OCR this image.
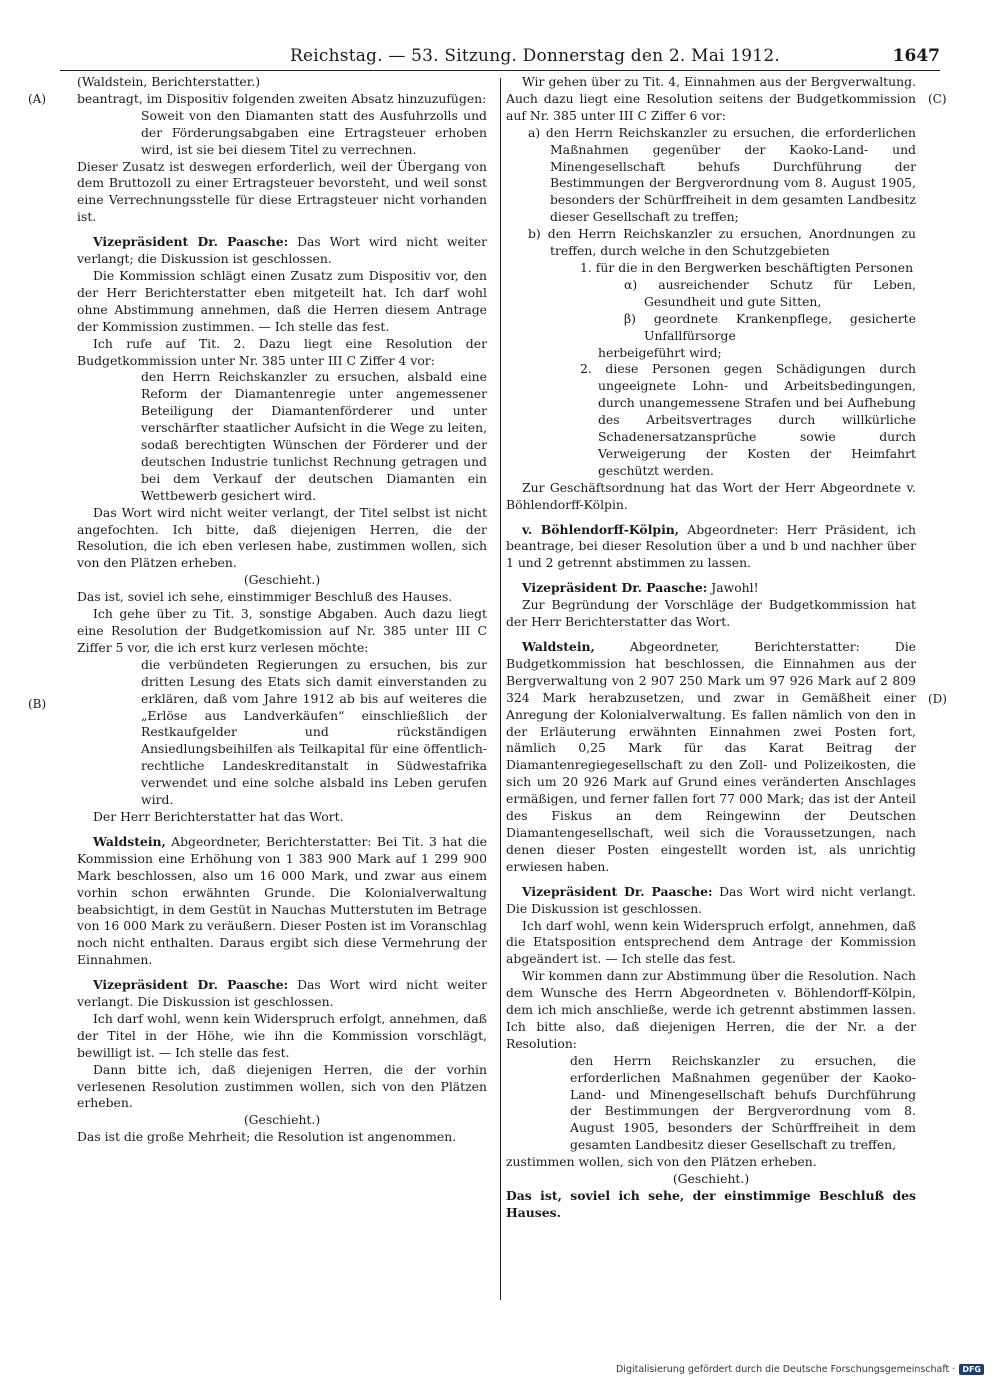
Reichstag. — 53. Sitzung. Donnerstag den 2. Mai 1912.	1647
(A)
(B)
(C)
(D)

(Waldstein, Berichterstatter.)

beantragt, im Dispositiv folgenden zweiten Absatz hinzuzufügen:

Soweit von den Diamanten statt des Ausfuhrzolls und der Förderungsabgaben eine Ertragsteuer erhoben wird, ist sie bei diesem Titel zu verrechnen.

Dieser Zusatz ist deswegen erforderlich, weil der Übergang von dem Bruttozoll zu einer Ertragsteuer bevorsteht, und weil sonst eine Verrechnungsstelle für diese Ertragsteuer nicht vorhanden ist.

Vizepräsident Dr. Paasche: Das Wort wird nicht weiter verlangt; die Diskussion ist geschlossen.

Die Kommission schlägt einen Zusatz zum Dispositiv vor, den der Herr Berichterstatter eben mitgeteilt hat. Ich darf wohl ohne Abstimmung annehmen, daß die Herren diesem Antrage der Kommission zustimmen. — Ich stelle das fest.

Ich rufe auf Tit. 2. Dazu liegt eine Resolution der Budgetkommission unter Nr. 385 unter III C Ziffer 4 vor:

den Herrn Reichskanzler zu ersuchen, alsbald eine Reform der Diamantenregie unter angemessener Beteiligung der Diamantenförderer und unter verschärfter staatlicher Aufsicht in die Wege zu leiten, sodaß berechtigten Wünschen der Förderer und der deutschen Industrie tunlichst Rechnung getragen und bei dem Verkauf der deutschen Diamanten ein Wettbewerb gesichert wird.

Das Wort wird nicht weiter verlangt, der Titel selbst ist nicht angefochten. Ich bitte, daß diejenigen Herren, die der Resolution, die ich eben verlesen habe, zustimmen wollen, sich von den Plätzen erheben.

(Geschieht.)

Das ist, soviel ich sehe, einstimmiger Beschluß des Hauses.

Ich gehe über zu Tit. 3, sonstige Abgaben. Auch dazu liegt eine Resolution der Budgetkomission auf Nr. 385 unter III C Ziffer 5 vor, die ich erst kurz verlesen möchte:

die verbündeten Regierungen zu ersuchen, bis zur dritten Lesung des Etats sich damit einverstanden zu erklären, daß vom Jahre 1912 ab bis auf weiteres die „Erlöse aus Landverkäufen“ einschließlich der Restkaufgelder und rückständigen Ansiedlungsbeihilfen als Teilkapital für eine öffentlich-rechtliche Landeskreditanstalt in Südwestafrika verwendet und eine solche alsbald ins Leben gerufen wird.

Der Herr Berichterstatter hat das Wort.

Waldstein, Abgeordneter, Berichterstatter: Bei Tit. 3 hat die Kommission eine Erhöhung von 1 383 900 Mark auf 1 299 900 Mark beschlossen, also um 16 000 Mark, und zwar aus einem vorhin schon erwähnten Grunde. Die Kolonialverwaltung beabsichtigt, in dem Gestüt in Nauchas Mutterstuten im Betrage von 16 000 Mark zu veräußern. Dieser Posten ist im Voranschlag noch nicht enthalten. Daraus ergibt sich diese Vermehrung der Einnahmen.

Vizepräsident Dr. Paasche: Das Wort wird nicht weiter verlangt. Die Diskussion ist geschlossen.

Ich darf wohl, wenn kein Widerspruch erfolgt, annehmen, daß der Titel in der Höhe, wie ihn die Kommission vorschlägt, bewilligt ist. — Ich stelle das fest.

Dann bitte ich, daß diejenigen Herren, die der vorhin verlesenen Resolution zustimmen wollen, sich von den Plätzen erheben.

(Geschieht.)

Das ist die große Mehrheit; die Resolution ist angenommen.

Wir gehen über zu Tit. 4, Einnahmen aus der Bergverwaltung. Auch dazu liegt eine Resolution seitens der Budgetkommission auf Nr. 385 unter III C Ziffer 6 vor:

a) den Herrn Reichskanzler zu ersuchen, die erforderlichen Maßnahmen gegenüber der Kaoko-Land- und Minengesellschaft behufs Durchführung der Bestimmungen der Bergverordnung vom 8. August 1905, besonders der Schürffreiheit in dem gesamten Landbesitz dieser Gesellschaft zu treffen;

b) den Herrn Reichskanzler zu ersuchen, Anordnungen zu treffen, durch welche in den Schutzgebieten

1. für die in den Bergwerken beschäftigten Personen

α) ausreichender Schutz für Leben, Gesundheit und gute Sitten,

β) geordnete Krankenpflege, gesicherte Unfallfürsorge

herbeigeführt wird;

2. diese Personen gegen Schädigungen durch ungeeignete Lohn- und Arbeitsbedingungen, durch unangemessene Strafen und bei Aufhebung des Arbeitsvertrages durch willkürliche Schadenersatzansprüche sowie durch Verweigerung der Kosten der Heimfahrt geschützt werden.

Zur Geschäftsordnung hat das Wort der Herr Abgeordnete v. Böhlendorff-Kölpin.

v. Böhlendorff-Kölpin, Abgeordneter: Herr Präsident, ich beantrage, bei dieser Resolution über a und b und nachher über 1 und 2 getrennt abstimmen zu lassen.

Vizepräsident Dr. Paasche: Jawohl!

Zur Begründung der Vorschläge der Budgetkommission hat der Herr Berichterstatter das Wort.

Waldstein, Abgeordneter, Berichterstatter: Die Budgetkommission hat beschlossen, die Einnahmen aus der Bergverwaltung von 2 907 250 Mark um 97 926 Mark auf 2 809 324 Mark herabzusetzen, und zwar in Gemäßheit einer Anregung der Kolonialverwaltung. Es fallen nämlich von den in der Erläuterung erwähnten Einnahmen zwei Posten fort, nämlich 0,25 Mark für das Karat Beitrag der Diamantenregiegesellschaft zu den Zoll- und Polizeikosten, die sich um 20 926 Mark auf Grund eines veränderten Anschlages ermäßigen, und ferner fallen fort 77 000 Mark; das ist der Anteil des Fiskus an dem Reingewinn der Deutschen Diamantengesellschaft, weil sich die Voraussetzungen, nach denen dieser Posten eingestellt worden ist, als unrichtig erwiesen haben.

Vizepräsident Dr. Paasche: Das Wort wird nicht verlangt. Die Diskussion ist geschlossen.

Ich darf wohl, wenn kein Widerspruch erfolgt, annehmen, daß die Etatsposition entsprechend dem Antrage der Kommission abgeändert ist. — Ich stelle das fest.

Wir kommen dann zur Abstimmung über die Resolution. Nach dem Wunsche des Herrn Abgeordneten v. Böhlendorff-Kölpin, dem ich mich anschließe, werde ich getrennt abstimmen lassen. Ich bitte also, daß diejenigen Herren, die der Nr. a der Resolution:

den Herrn Reichskanzler zu ersuchen, die erforderlichen Maßnahmen gegenüber der Kaoko-Land- und Minengesellschaft behufs Durchführung der Bestimmungen der Bergverordnung vom 8. August 1905, besonders der Schürffreiheit in dem gesamten Landbesitz dieser Gesellschaft zu treffen,

zustimmen wollen, sich von den Plätzen erheben.

(Geschieht.)

Das ist, soviel ich sehe, der einstimmige Beschluß des Hauses.

Digitalisierung gefördert durch die Deutsche Forschungsgemeinschaft · DFG
